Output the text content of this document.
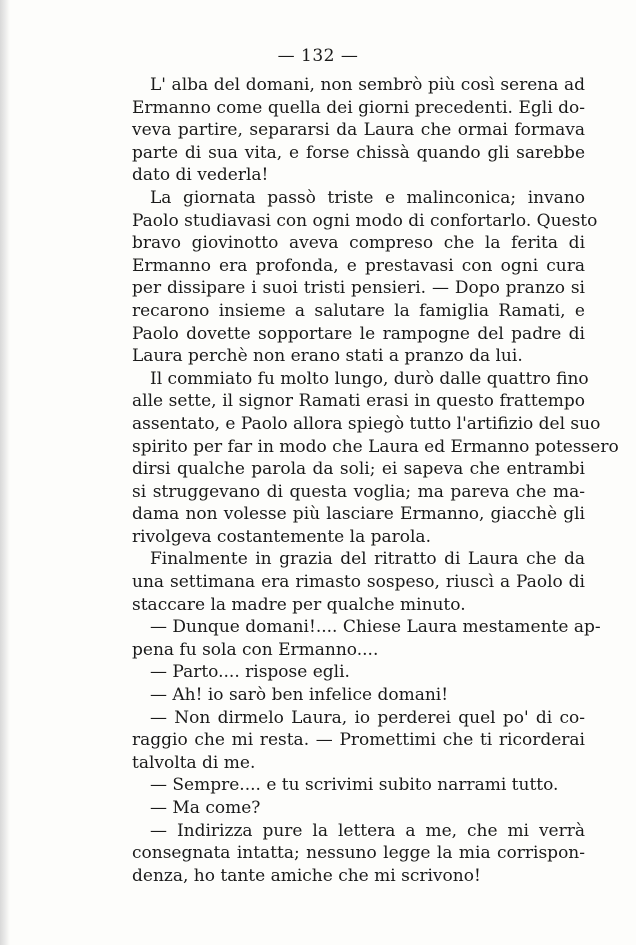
— 132 —
L' alba del domani, non sembrò più così serena ad
Ermanno come quella dei giorni precedenti. Egli do-
veva partire, separarsi da Laura che ormai formava
parte di sua vita, e forse chissà quando gli sarebbe
dato di vederla!
La giornata passò triste e malinconica; invano
Paolo studiavasi con ogni modo di confortarlo. Questo
bravo giovinotto aveva compreso che la ferita di
Ermanno era profonda, e prestavasi con ogni cura
per dissipare i suoi tristi pensieri. — Dopo pranzo si
recarono insieme a salutare la famiglia Ramati, e
Paolo dovette sopportare le rampogne del padre di
Laura perchè non erano stati a pranzo da lui.
Il commiato fu molto lungo, durò dalle quattro fino
alle sette, il signor Ramati erasi in questo frattempo
assentato, e Paolo allora spiegò tutto l'artifizio del suo
spirito per far in modo che Laura ed Ermanno potessero
dirsi qualche parola da soli; ei sapeva che entrambi
si struggevano di questa voglia; ma pareva che ma-
dama non volesse più lasciare Ermanno, giacchè gli
rivolgeva costantemente la parola.
Finalmente in grazia del ritratto di Laura che da
una settimana era rimasto sospeso, riuscì a Paolo di
staccare la madre per qualche minuto.
— Dunque domani!.... Chiese Laura mestamente ap-
pena fu sola con Ermanno....
— Parto.... rispose egli.
— Ah! io sarò ben infelice domani!
— Non dirmelo Laura, io perderei quel po' di co-
raggio che mi resta. — Promettimi che ti ricorderai
talvolta di me.
— Sempre.... e tu scrivimi subito narrami tutto.
— Ma come?
— Indirizza pure la lettera a me, che mi verrà
consegnata intatta; nessuno legge la mia corrispon-
denza, ho tante amiche che mi scrivono!
